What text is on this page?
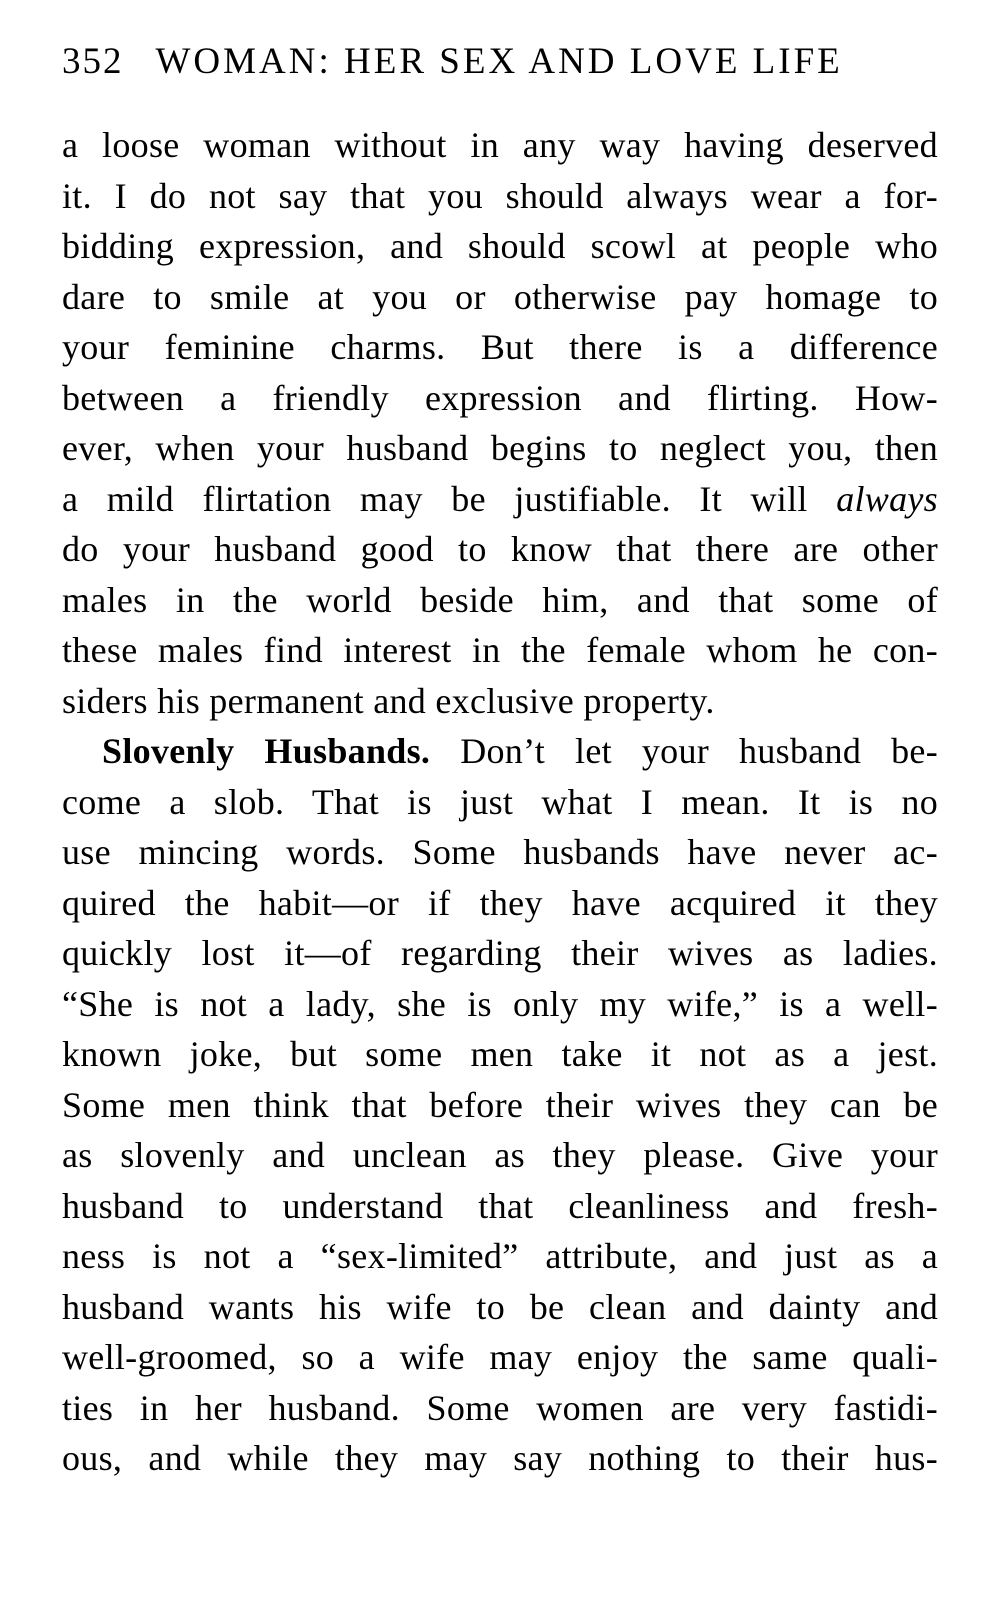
352 WOMAN: HER SEX AND LOVE LIFE
a loose woman without in any way having deserved
it. I do not say that you should always wear a for-
bidding expression, and should scowl at people who
dare to smile at you or otherwise pay homage to
your feminine charms. But there is a difference
between a friendly expression and flirting. How-
ever, when your husband begins to neglect you, then
a mild flirtation may be justifiable. It will always
do your husband good to know that there are other
males in the world beside him, and that some of
these males find interest in the female whom he con-
siders his permanent and exclusive property.
Slovenly Husbands. Don’t let your husband be-
come a slob. That is just what I mean. It is no
use mincing words. Some husbands have never ac-
quired the habit—or if they have acquired it they
quickly lost it—of regarding their wives as ladies.
“She is not a lady, she is only my wife,” is a well-
known joke, but some men take it not as a jest.
Some men think that before their wives they can be
as slovenly and unclean as they please. Give your
husband to understand that cleanliness and fresh-
ness is not a “sex-limited” attribute, and just as a
husband wants his wife to be clean and dainty and
well-groomed, so a wife may enjoy the same quali-
ties in her husband. Some women are very fastidi-
ous, and while they may say nothing to their hus-
